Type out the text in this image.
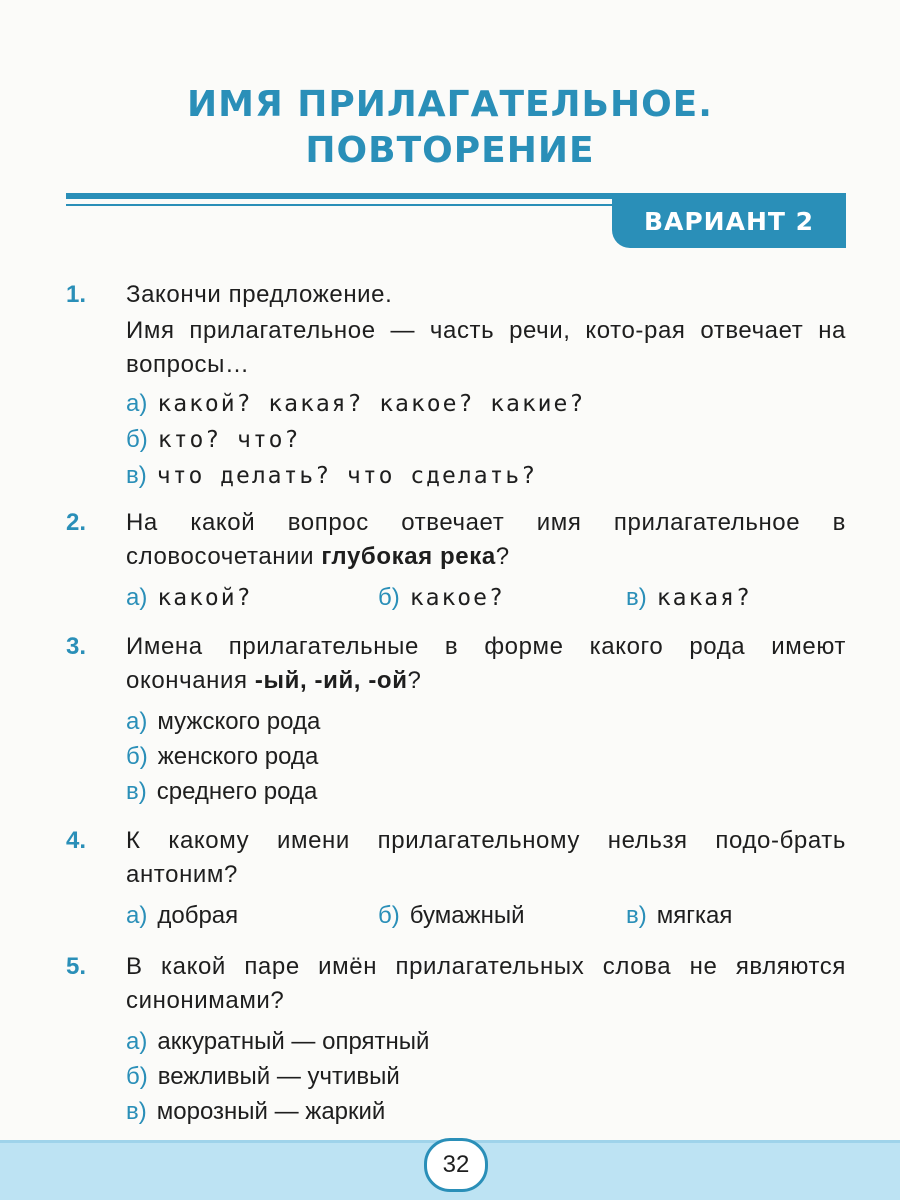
ИМЯ ПРИЛАГАТЕЛЬНОЕ.
ПОВТОРЕНИЕ
ВАРИАНТ 2
1. Закончи предложение.
Имя прилагательное — часть речи, кото-рая отвечает на вопросы…
а) какой? какая? какое? какие?
б) кто? что?
в) что делать? что сделать?
2. На какой вопрос отвечает имя прилагательное в словосочетании глубокая река?
а) какой?	б) какое?	в) какая?
3. Имена прилагательные в форме какого рода имеют окончания -ый, -ий, -ой?
а) мужского рода
б) женского рода
в) среднего рода
4. К какому имени прилагательному нельзя подо-брать антоним?
а) добрая	б) бумажный	в) мягкая
5. В какой паре имён прилагательных слова не являются синонимами?
а) аккуратный — опрятный
б) вежливый — учтивый
в) морозный — жаркий
32
